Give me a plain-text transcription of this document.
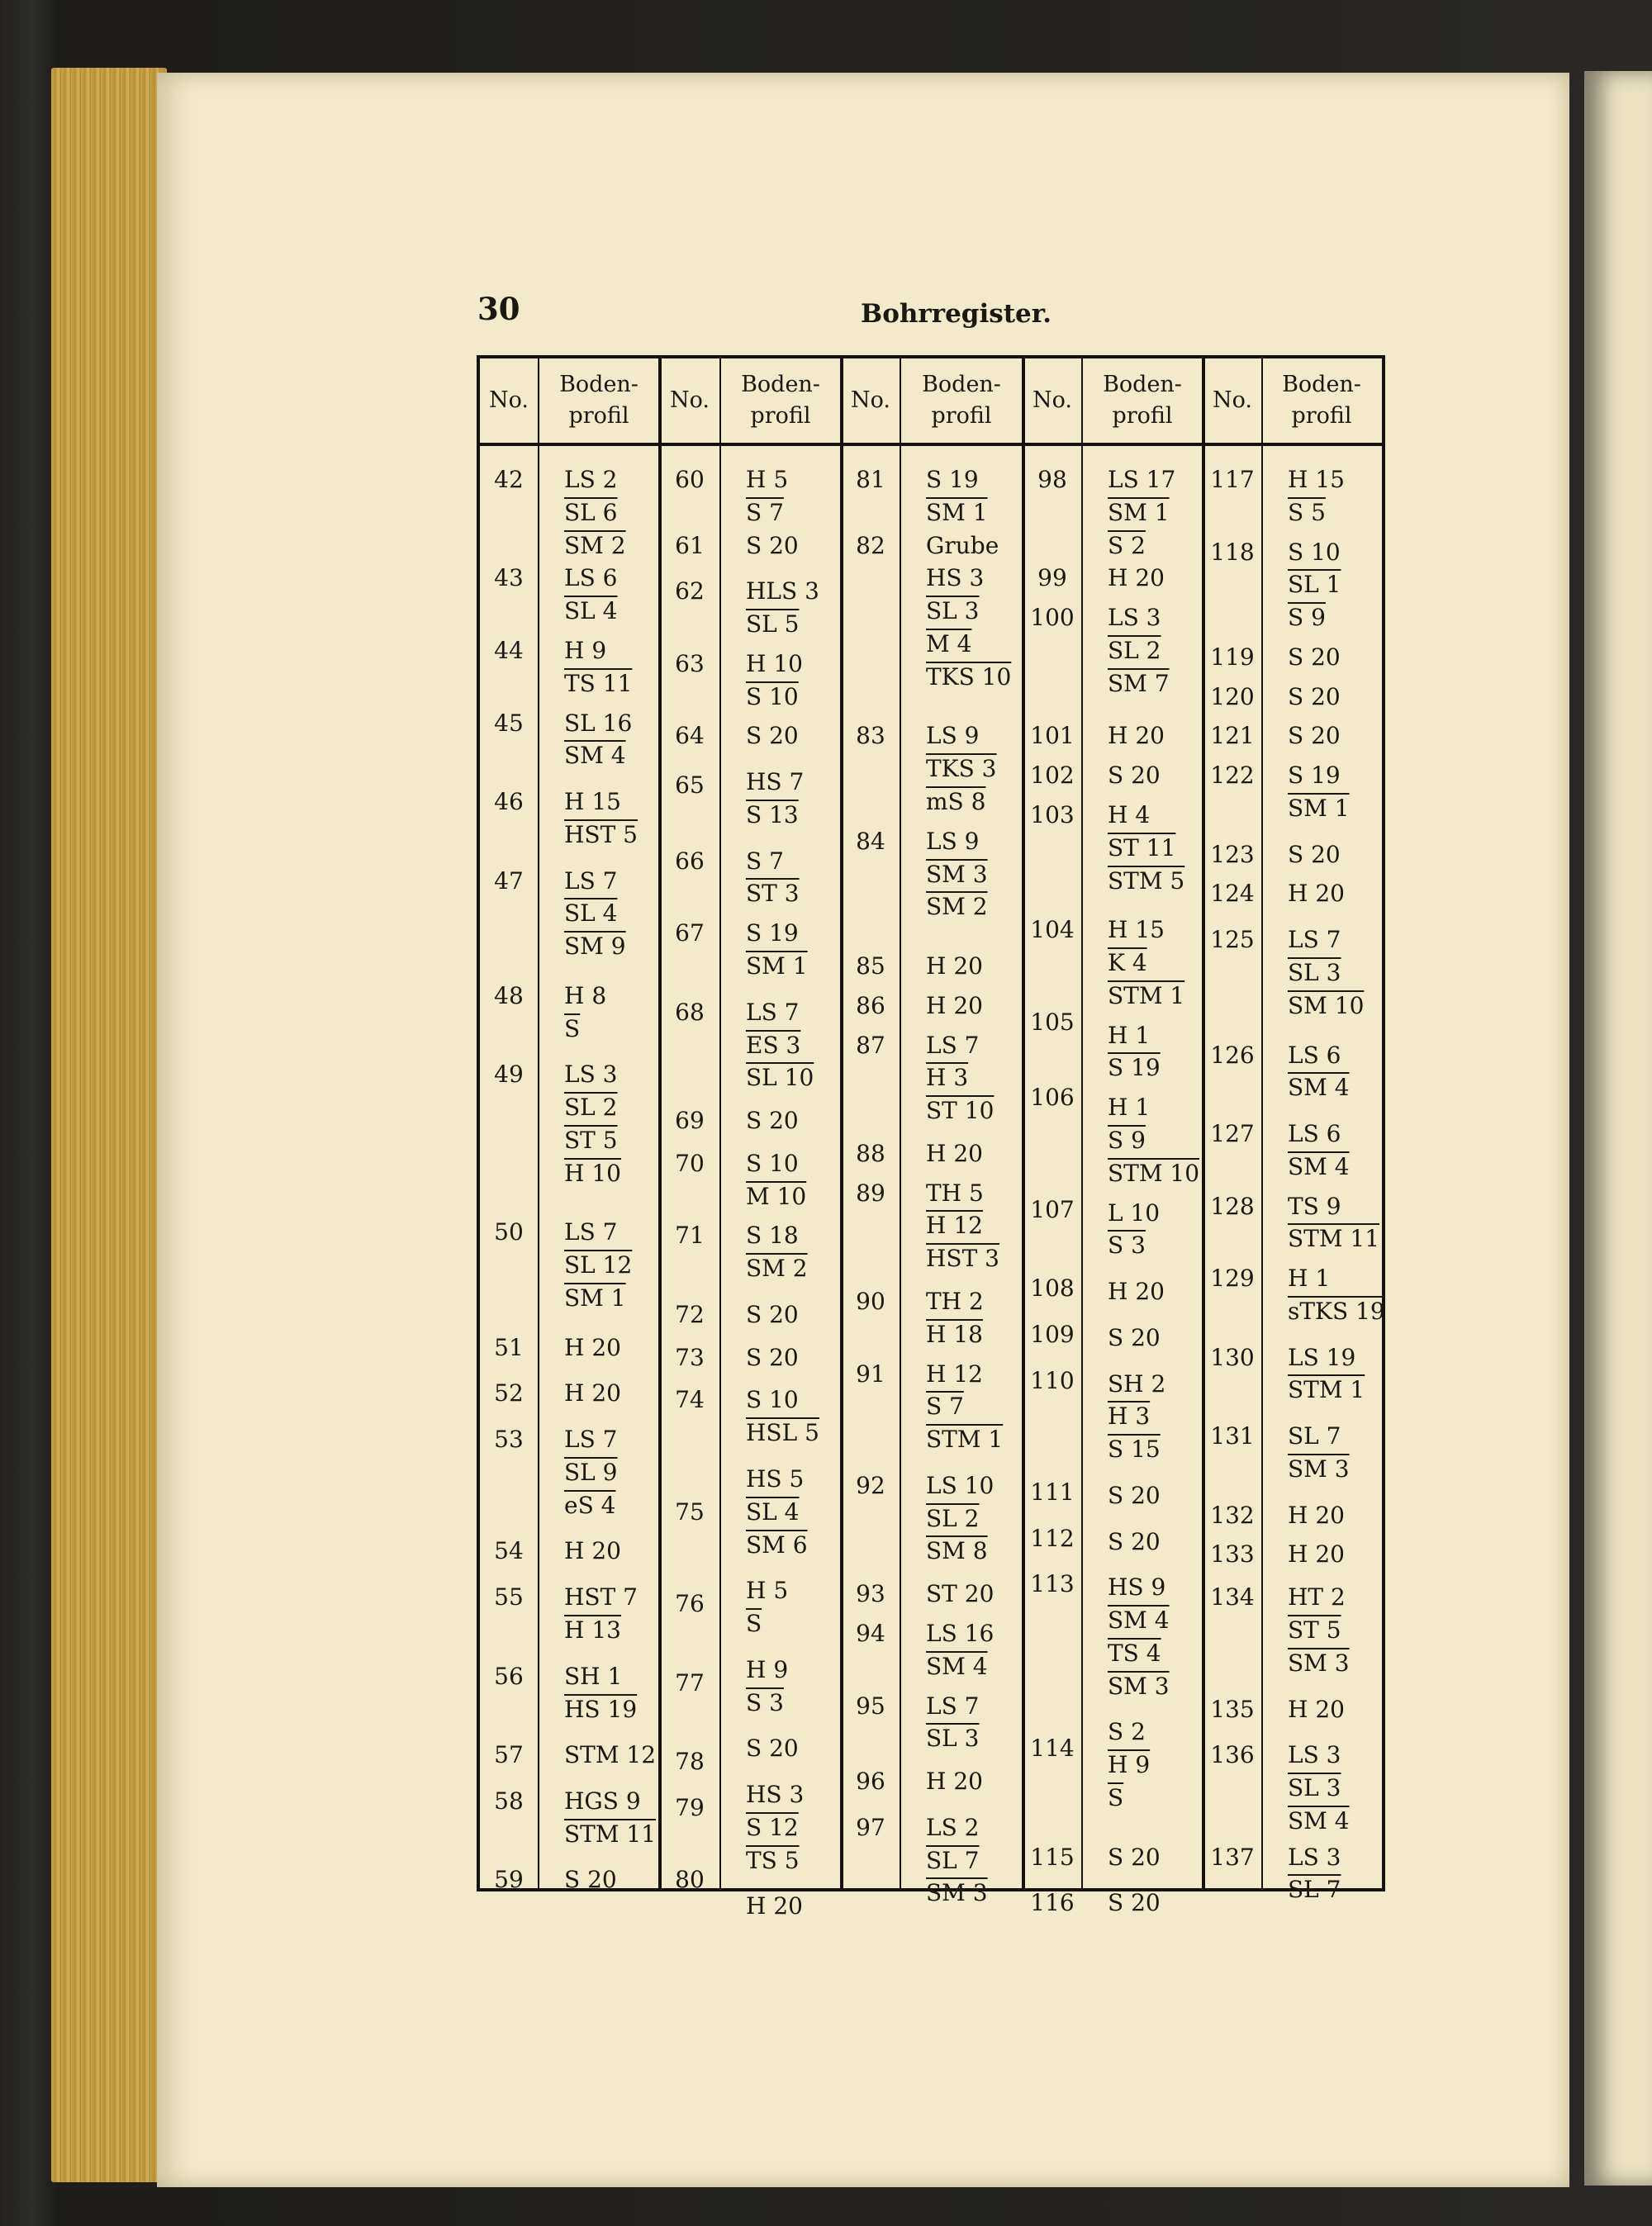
30	Bohrregister.
No.
Boden-
profil
42
43
44
45
46
47
48
49
50
51
52
53
54
55
56
57
58
59
LS 2
SL 6
SM 2
LS 6
SL 4
H 9
TS 11
SL 16
SM 4
H 15
HST 5
LS 7
SL 4
SM 9
H 8
$\overline{S}$
LS 3
SL 2
ST 5
H 10
LS 7
SL 12
SM 1
H 20
H 20
LS 7
SL 9
eS 4
H 20
HST 7
H 13
SH 1
HS 19
STM 12
HGS 9
STM 11
S 20
No.
Boden-
profil
60
61
62
63
64
65
66
67
68
69
70
71
72
73
74
75
76
77
78
79
80
H 5
S 7
S 20
HLS 3
SL 5
H 10
S 10
S 20
HS 7
S 13
S 7
ST 3
S 19
SM 1
LS 7
ES 3
SL 10
S 20
S 10
M 10
S 18
SM 2
S 20
S 20
S 10
HSL 5
HS 5
SL 4
SM 6
H 5
$\overline{S}$
H 9
S 3
S 20
HS 3
S 12
TS 5
H 20
No.
Boden-
profil
81
82
83
84
85
86
87
88
89
90
91
92
93
94
95
96
97
S 19
SM 1
Grube
HS 3
SL 3
M 4
TKS 10
LS 9
TKS 3
mS 8
LS 9
SM 3
SM 2
H 20
H 20
LS 7
H 3
ST 10
H 20
TH 5
H 12
HST 3
TH 2
H 18
H 12
S 7
STM 1
LS 10
SL 2
SM 8
ST 20
LS 16
SM 4
LS 7
SL 3
H 20
LS 2
SL 7
SM 3
No.
Boden-
profil
98
99
100
101
102
103
104
105
106
107
108
109
110
111
112
113
114
115
116
LS 17
SM 1
S 2
H 20
LS 3
SL 2
SM 7
H 20
S 20
H 4
ST 11
STM 5
H 15
K 4
STM 1
H 1
S 19
H 1
S 9
STM 10
L 10
S 3
H 20
S 20
SH 2
H 3
S 15
S 20
S 20
HS 9
SM 4
TS 4
SM 3
S 2
H 9
$\overline{S}$
S 20
S 20
No.
Boden-
profil
117
118
119
120
121
122
123
124
125
126
127
128
129
130
131
132
133
134
135
136
137
H 15
S 5
S 10
SL 1
S 9
S 20
S 20
S 20
S 19
SM 1
S 20
H 20
LS 7
SL 3
SM 10
LS 6
SM 4
LS 6
SM 4
TS 9
STM 11
H 1
sTKS 19
LS 19
STM 1
SL 7
SM 3
H 20
H 20
HT 2
ST 5
SM 3
H 20
LS 3
SL 3
SM 4
LS 3
SL 7
